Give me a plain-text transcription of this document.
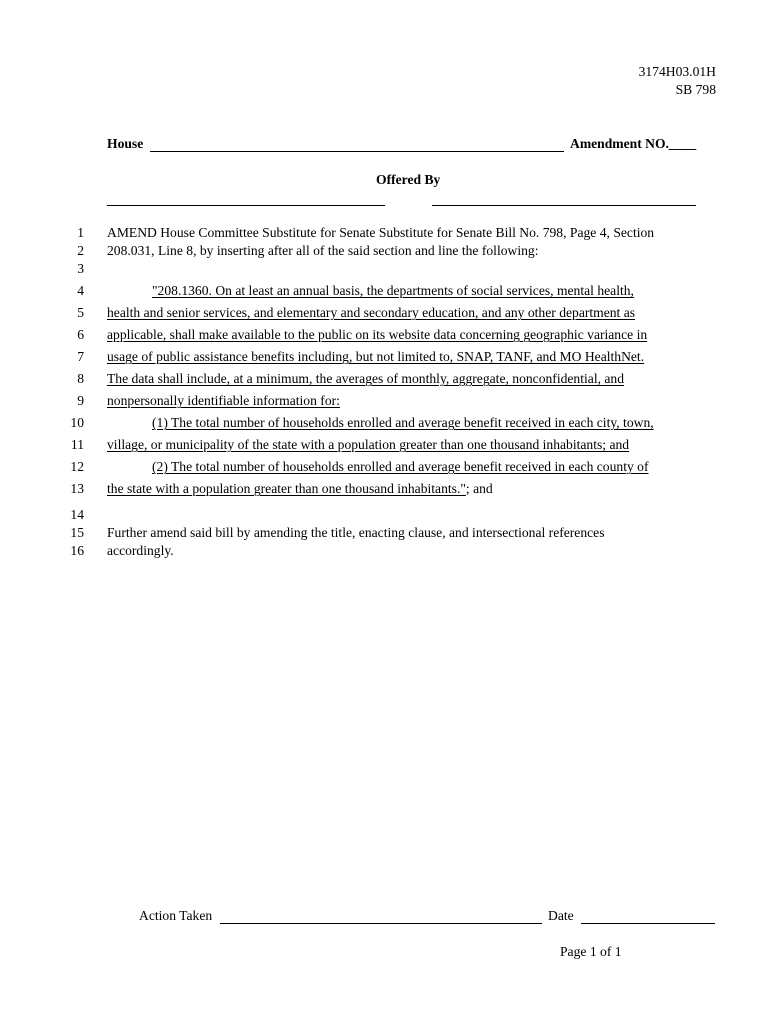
3174H03.01H
SB 798
House	Amendment NO.____
Offered By
1
2
3
4
5
6
7
8
9
10
11
12
13
14
15
16
AMEND House Committee Substitute for Senate Substitute for Senate Bill No. 798, Page 4, Section
208.031, Line 8, by inserting after all of the said section and line the following:
"208.1360. On at least an annual basis, the departments of social services, mental health,
health and senior services, and elementary and secondary education, and any other department as
applicable, shall make available to the public on its website data concerning geographic variance in
usage of public assistance benefits including, but not limited to, SNAP, TANF, and MO HealthNet.
The data shall include, at a minimum, the averages of monthly, aggregate, nonconfidential, and
nonpersonally identifiable information for:
(1) The total number of households enrolled and average benefit received in each city, town,
village, or municipality of the state with a population greater than one thousand inhabitants; and
(2) The total number of households enrolled and average benefit received in each county of
the state with a population greater than one thousand inhabitants."; and
Further amend said bill by amending the title, enacting clause, and intersectional references
accordingly.
Action Taken	Date
Page 1 of 1
